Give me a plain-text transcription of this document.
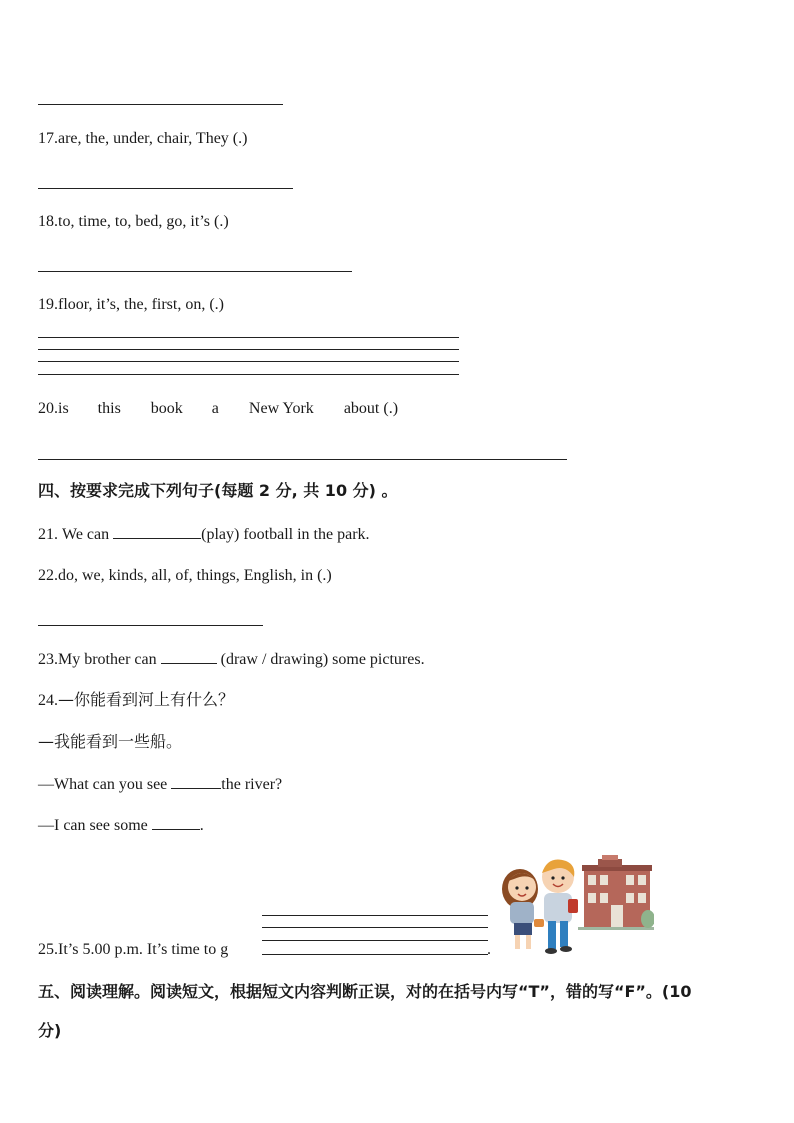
17.are, the, under, chair, They (.)
18.to, time, to, bed, go, it’s (.)
19.floor, it’s, the, first, on, (.)
20.is this book a New York about (.)
四、按要求完成下列句子(每题 2 分, 共 10 分) 。
21. We can	(play) football in the park.
22.do, we, kinds, all, of, things, English, in (.)
23.My brother can	(draw / drawing) some pictures.
24.—你能看到河上有什么？
—我能看到一些船。
—What can you see	the river?
—I can see some	.
25.It’s 5.00 p.m. It’s time to g	.
五、阅读理解。阅读短文，根据短文内容判断正误，对的在括号内写“T”，错的写“F”。(10
分)
